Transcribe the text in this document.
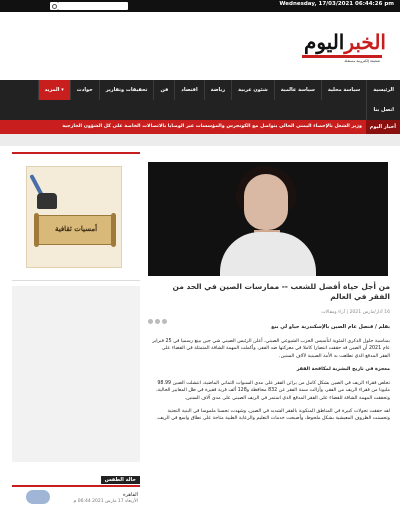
البحث...
Wednesday, 17/03/2021 06:44:26 pm
الخبراليوم
صحيفة إلكترونية مستقلة
الرئيسية
سياسة محلية
سياسة عالمية
شئون عربية
رياضة
اقتصاد
فن
تحقيقات وتقارير
حوادث
المزيد ▾
اتصل بنا
أخبار اليوم
وزير الشغل بالإحصاء اليمني الحالي يتواصل مع الكونجرس والمؤسسات عبر الوصايا بالاتصالات الخاصة على كل الشؤون الخارجية
أمسيات ثقافية
حالة الطقس
القاهرة
الأربعاء 17 مارس 2021 06:44 م
من أجل حياة أفضل للشعب -- ممارسات الصين في الحد من الفقر في العالم
16 آذار/مارس 2021 | آراء ومقالات
بقلم / قنصل عام الصين بالإسكندرية جياو لي بنغ

بمناسبة حلول الذكرى المئوية لتأسيس الحزب الشيوعي الصيني، أعلن الرئيس الصيني شي جين بينغ رسميا في 25 فبراير عام 2021 أن الصين قد حققت انتصارا كاملا في معركتها ضد الفقر، وأكملت المهمة الشاقة المتمثلة في القضاء على الفقر المدقع الذي تطلعت به الأمة الصينية لآلاف السنين.

معجزة في تاريخ البشرية لمكافحة الفقر

تخلص فقراء الريف في الصين بشكل كامل من براثن الفقر على مدى السنوات الثماني الماضية، انتشلت الصين 98.99 مليونا من فقراء الريف من الفقر، وأزالت سمة الفقر عن 832 محافظة و128 ألف قرية فقيرة في ظل المعايير الحالية، وتحققت المهمة الشاقة للقضاء على الفقر المدقع الذي استمر في الريف الصيني على مدى آلاف السنين.

لقد حققت تحولات كبيرة في المناطق المنكوبة بالفقر الشديد في الصين، وشهدت تحسنا ملموسا في البنية التحتية وتحسنت الظروف المعيشية بشكل ملحوظ، وأصبحت خدمات التعليم والرعاية الطبية متاحة على نطاق واسع في الريف.
